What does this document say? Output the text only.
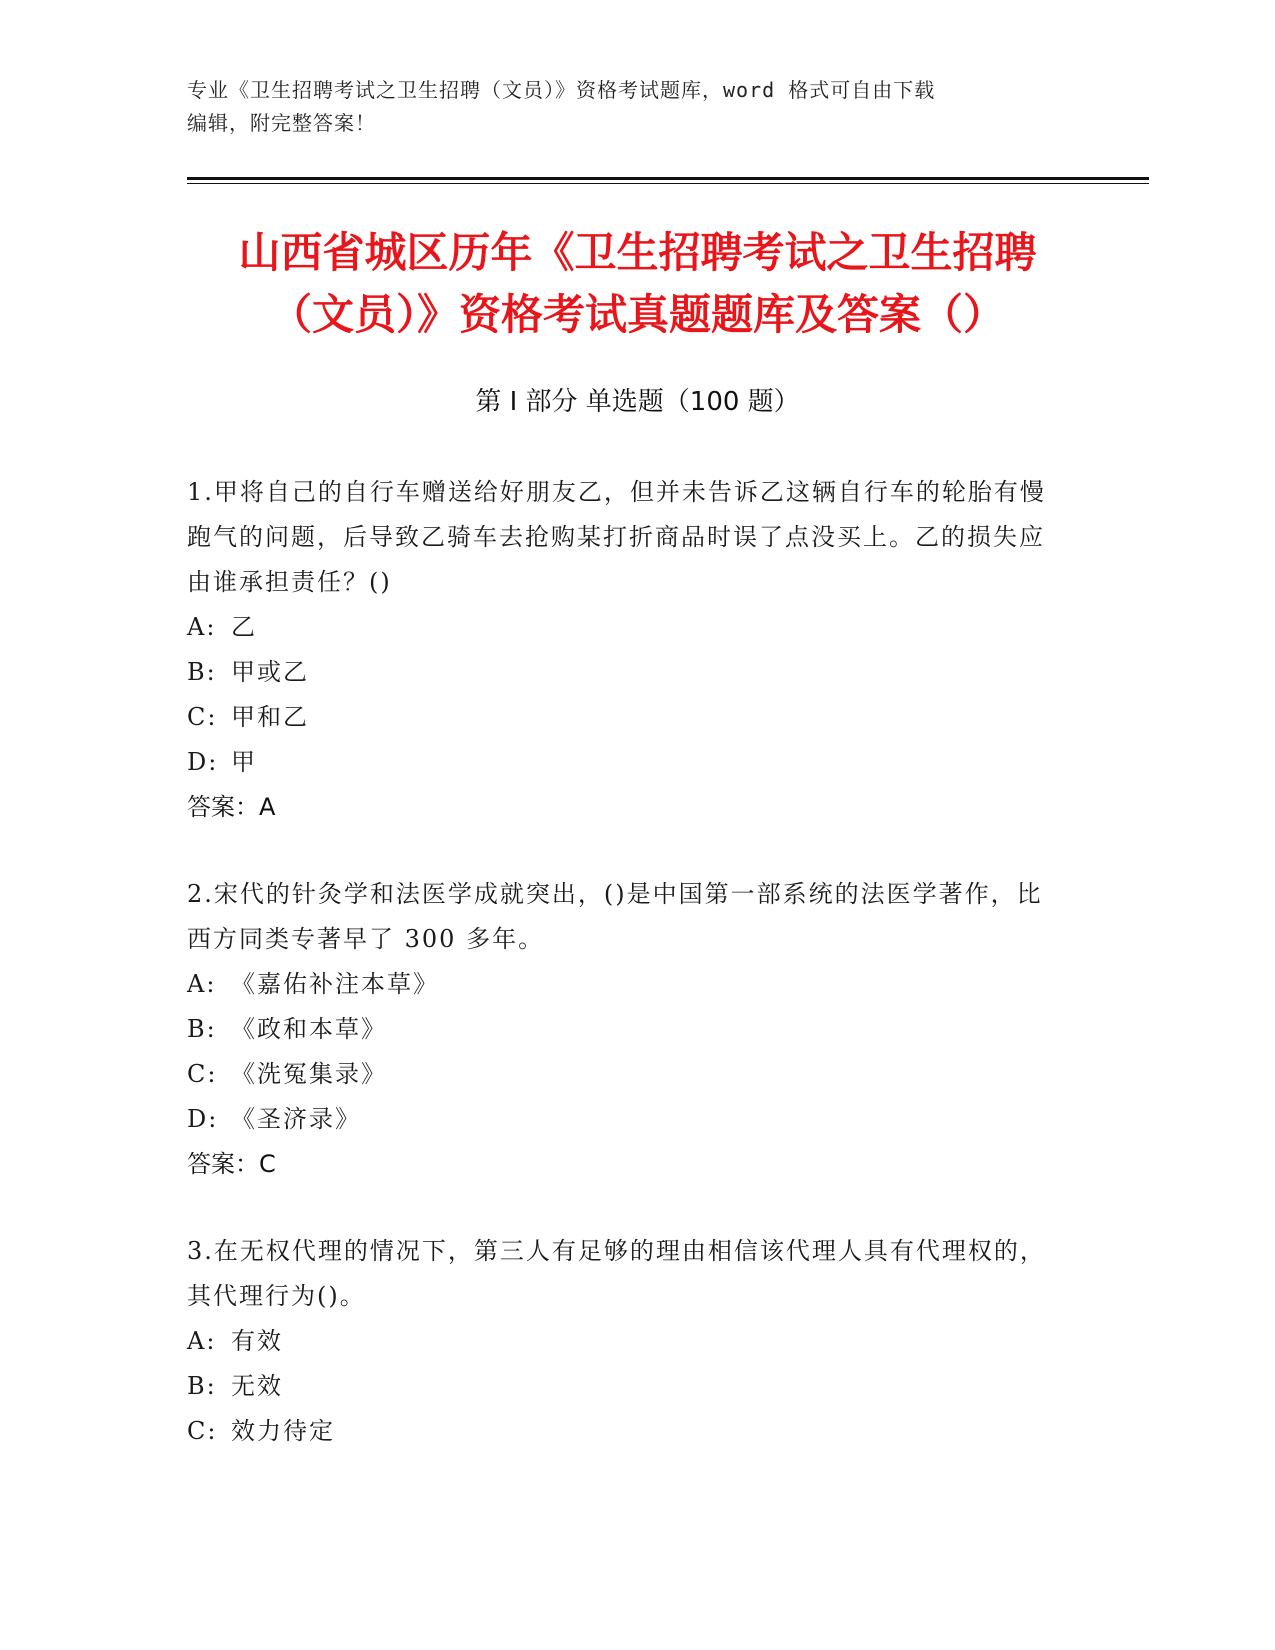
专业《卫生招聘考试之卫生招聘（文员）》资格考试题库，word 格式可自由下载
编辑，附完整答案！
山西省城区历年《卫生招聘考试之卫生招聘
（文员）》资格考试真题题库及答案（）
第 I 部分 单选题（100 题）
1.甲将自己的自行车赠送给好朋友乙，但并未告诉乙这辆自行车的轮胎有慢跑气的问题，后导致乙骑车去抢购某打折商品时误了点没买上。乙的损失应由谁承担责任？()
A: 乙
B: 甲或乙
C: 甲和乙
D: 甲
答案：A
2.宋代的针灸学和法医学成就突出，()是中国第一部系统的法医学著作，比西方同类专著早了 300 多年。
A: 《嘉佑补注本草》
B: 《政和本草》
C: 《洗冤集录》
D: 《圣济录》
答案：C
3.在无权代理的情况下，第三人有足够的理由相信该代理人具有代理权的，其代理行为()。
A: 有效
B: 无效
C: 效力待定
